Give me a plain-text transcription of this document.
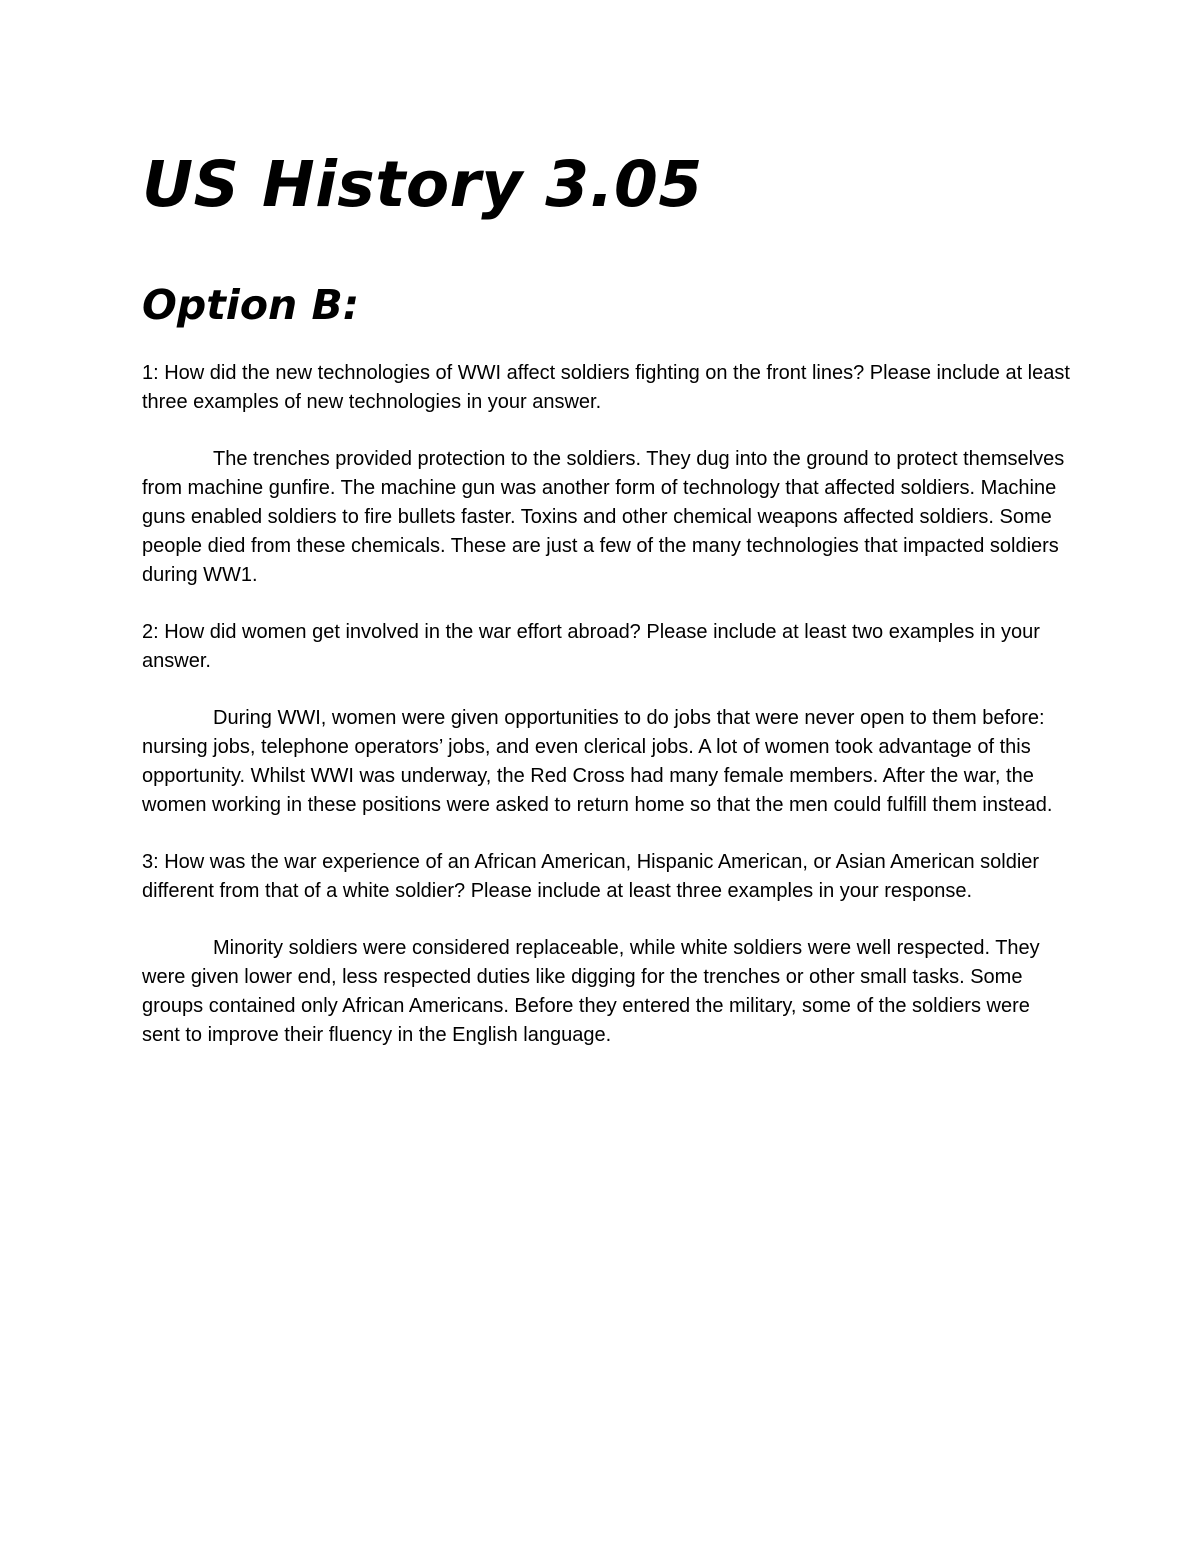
US History 3.05
Option B:

1: How did the new technologies of WWI affect soldiers fighting on the front lines? Please include at least three examples of new technologies in your answer.

The trenches provided protection to the soldiers. They dug into the ground to protect themselves from machine gunfire. The machine gun was another form of technology that affected soldiers. Machine guns enabled soldiers to fire bullets faster. Toxins and other chemical weapons affected soldiers. Some people died from these chemicals. These are just a few of the many technologies that impacted soldiers during WW1.

2: How did women get involved in the war effort abroad? Please include at least two examples in your answer.

During WWI, women were given opportunities to do jobs that were never open to them before: nursing jobs, telephone operators’ jobs, and even clerical jobs. A lot of women took advantage of this opportunity. Whilst WWI was underway, the Red Cross had many female members. After the war, the women working in these positions were asked to return home so that the men could fulfill them instead.

3: How was the war experience of an African American, Hispanic American, or Asian American soldier different from that of a white soldier? Please include at least three examples in your response.

Minority soldiers were considered replaceable, while white soldiers were well respected. They were given lower end, less respected duties like digging for the trenches or other small tasks. Some groups contained only African Americans. Before they entered the military, some of the soldiers were sent to improve their fluency in the English language.
